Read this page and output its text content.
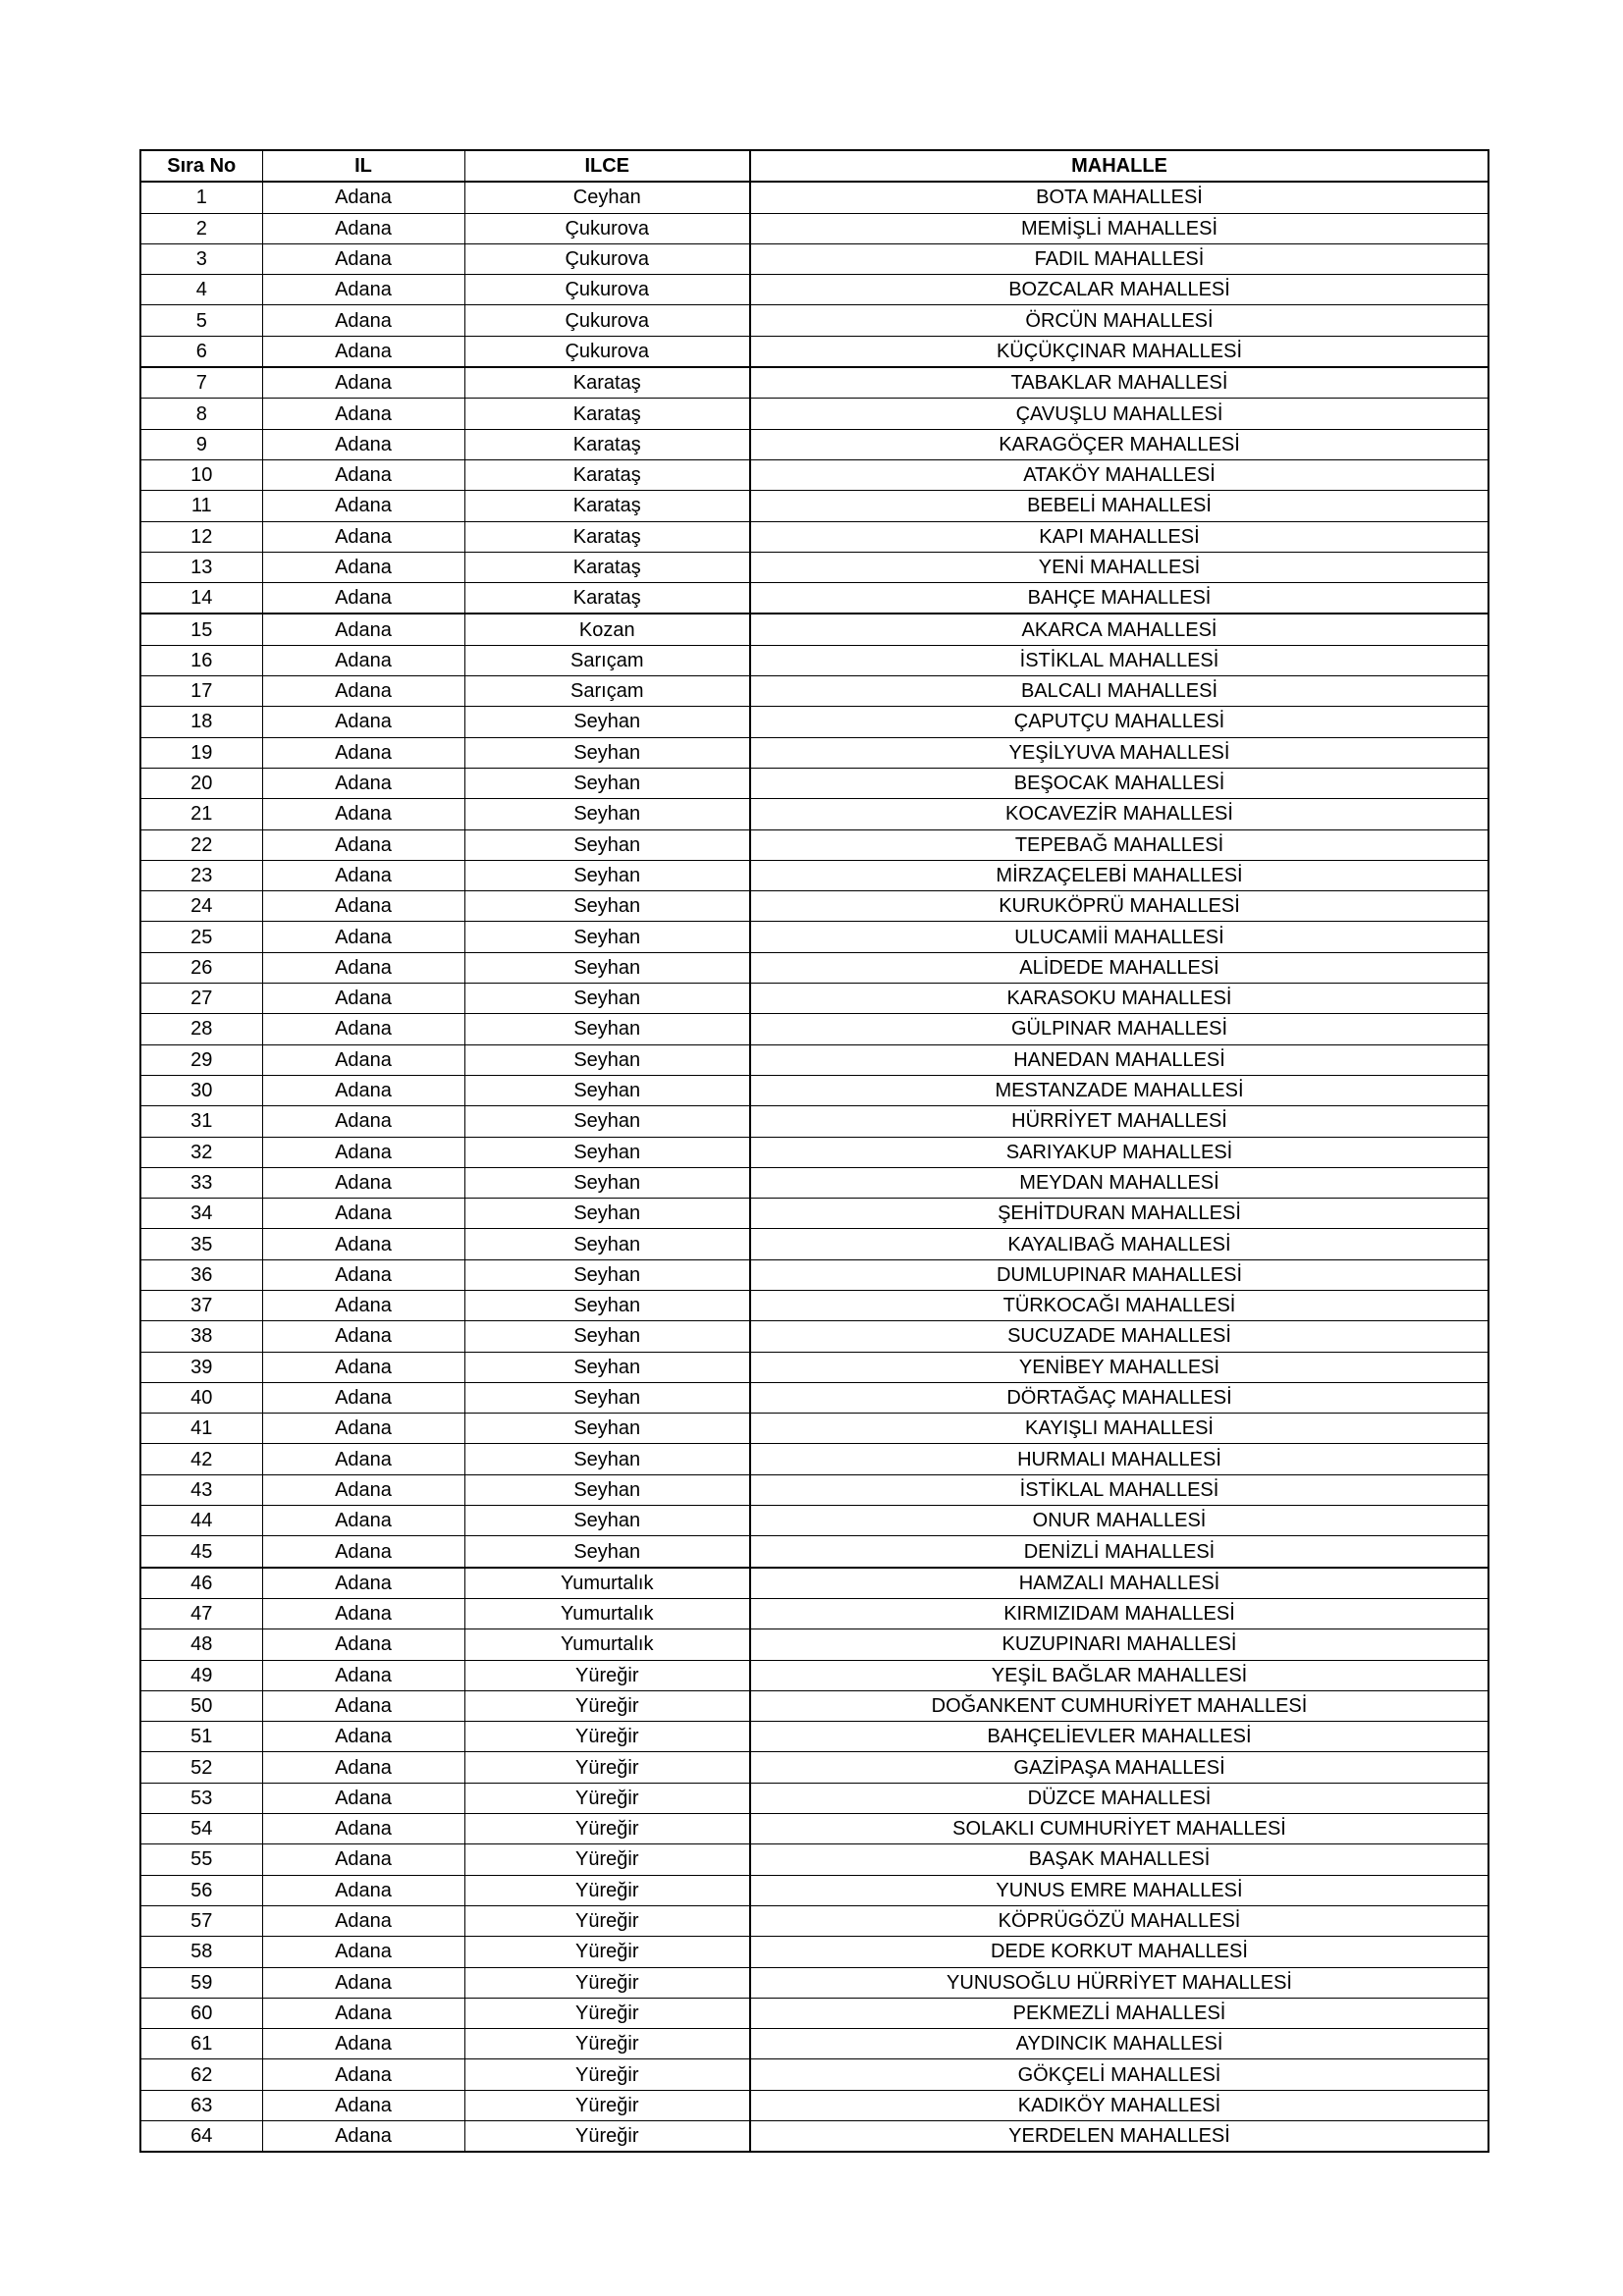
Sıra No	IL	ILCE	MAHALLE
1	Adana	Ceyhan	BOTA MAHALLESİ
2	Adana	Çukurova	MEMİŞLİ MAHALLESİ
3	Adana	Çukurova	FADIL MAHALLESİ
4	Adana	Çukurova	BOZCALAR MAHALLESİ
5	Adana	Çukurova	ÖRCÜN MAHALLESİ
6	Adana	Çukurova	KÜÇÜKÇINAR MAHALLESİ
7	Adana	Karataş	TABAKLAR MAHALLESİ
8	Adana	Karataş	ÇAVUŞLU MAHALLESİ
9	Adana	Karataş	KARAGÖÇER MAHALLESİ
10	Adana	Karataş	ATAKÖY MAHALLESİ
11	Adana	Karataş	BEBELİ MAHALLESİ
12	Adana	Karataş	KAPI MAHALLESİ
13	Adana	Karataş	YENİ MAHALLESİ
14	Adana	Karataş	BAHÇE MAHALLESİ
15	Adana	Kozan	AKARCA MAHALLESİ
16	Adana	Sarıçam	İSTİKLAL MAHALLESİ
17	Adana	Sarıçam	BALCALI MAHALLESİ
18	Adana	Seyhan	ÇAPUTÇU MAHALLESİ
19	Adana	Seyhan	YEŞİLYUVA MAHALLESİ
20	Adana	Seyhan	BEŞOCAK MAHALLESİ
21	Adana	Seyhan	KOCAVEZİR MAHALLESİ
22	Adana	Seyhan	TEPEBAĞ MAHALLESİ
23	Adana	Seyhan	MİRZAÇELEBİ MAHALLESİ
24	Adana	Seyhan	KURUKÖPRÜ MAHALLESİ
25	Adana	Seyhan	ULUCAMİİ MAHALLESİ
26	Adana	Seyhan	ALİDEDE MAHALLESİ
27	Adana	Seyhan	KARASOKU MAHALLESİ
28	Adana	Seyhan	GÜLPINAR MAHALLESİ
29	Adana	Seyhan	HANEDAN MAHALLESİ
30	Adana	Seyhan	MESTANZADE MAHALLESİ
31	Adana	Seyhan	HÜRRİYET MAHALLESİ
32	Adana	Seyhan	SARIYAKUP MAHALLESİ
33	Adana	Seyhan	MEYDAN MAHALLESİ
34	Adana	Seyhan	ŞEHİTDURAN MAHALLESİ
35	Adana	Seyhan	KAYALIBAĞ MAHALLESİ
36	Adana	Seyhan	DUMLUPINAR MAHALLESİ
37	Adana	Seyhan	TÜRKOCAĞI MAHALLESİ
38	Adana	Seyhan	SUCUZADE MAHALLESİ
39	Adana	Seyhan	YENİBEY MAHALLESİ
40	Adana	Seyhan	DÖRTAĞAÇ MAHALLESİ
41	Adana	Seyhan	KAYIŞLI MAHALLESİ
42	Adana	Seyhan	HURMALI MAHALLESİ
43	Adana	Seyhan	İSTİKLAL MAHALLESİ
44	Adana	Seyhan	ONUR MAHALLESİ
45	Adana	Seyhan	DENİZLİ MAHALLESİ
46	Adana	Yumurtalık	HAMZALI MAHALLESİ
47	Adana	Yumurtalık	KIRMIZIDAM MAHALLESİ
48	Adana	Yumurtalık	KUZUPINARI MAHALLESİ
49	Adana	Yüreğir	YEŞİL BAĞLAR MAHALLESİ
50	Adana	Yüreğir	DOĞANKENT CUMHURİYET MAHALLESİ
51	Adana	Yüreğir	BAHÇELİEVLER MAHALLESİ
52	Adana	Yüreğir	GAZİPAŞA MAHALLESİ
53	Adana	Yüreğir	DÜZCE MAHALLESİ
54	Adana	Yüreğir	SOLAKLI CUMHURİYET MAHALLESİ
55	Adana	Yüreğir	BAŞAK MAHALLESİ
56	Adana	Yüreğir	YUNUS EMRE MAHALLESİ
57	Adana	Yüreğir	KÖPRÜGÖZÜ MAHALLESİ
58	Adana	Yüreğir	DEDE KORKUT MAHALLESİ
59	Adana	Yüreğir	YUNUSOĞLU HÜRRİYET MAHALLESİ
60	Adana	Yüreğir	PEKMEZLİ MAHALLESİ
61	Adana	Yüreğir	AYDINCIK MAHALLESİ
62	Adana	Yüreğir	GÖKÇELİ MAHALLESİ
63	Adana	Yüreğir	KADIKÖY MAHALLESİ
64	Adana	Yüreğir	YERDELEN MAHALLESİ
